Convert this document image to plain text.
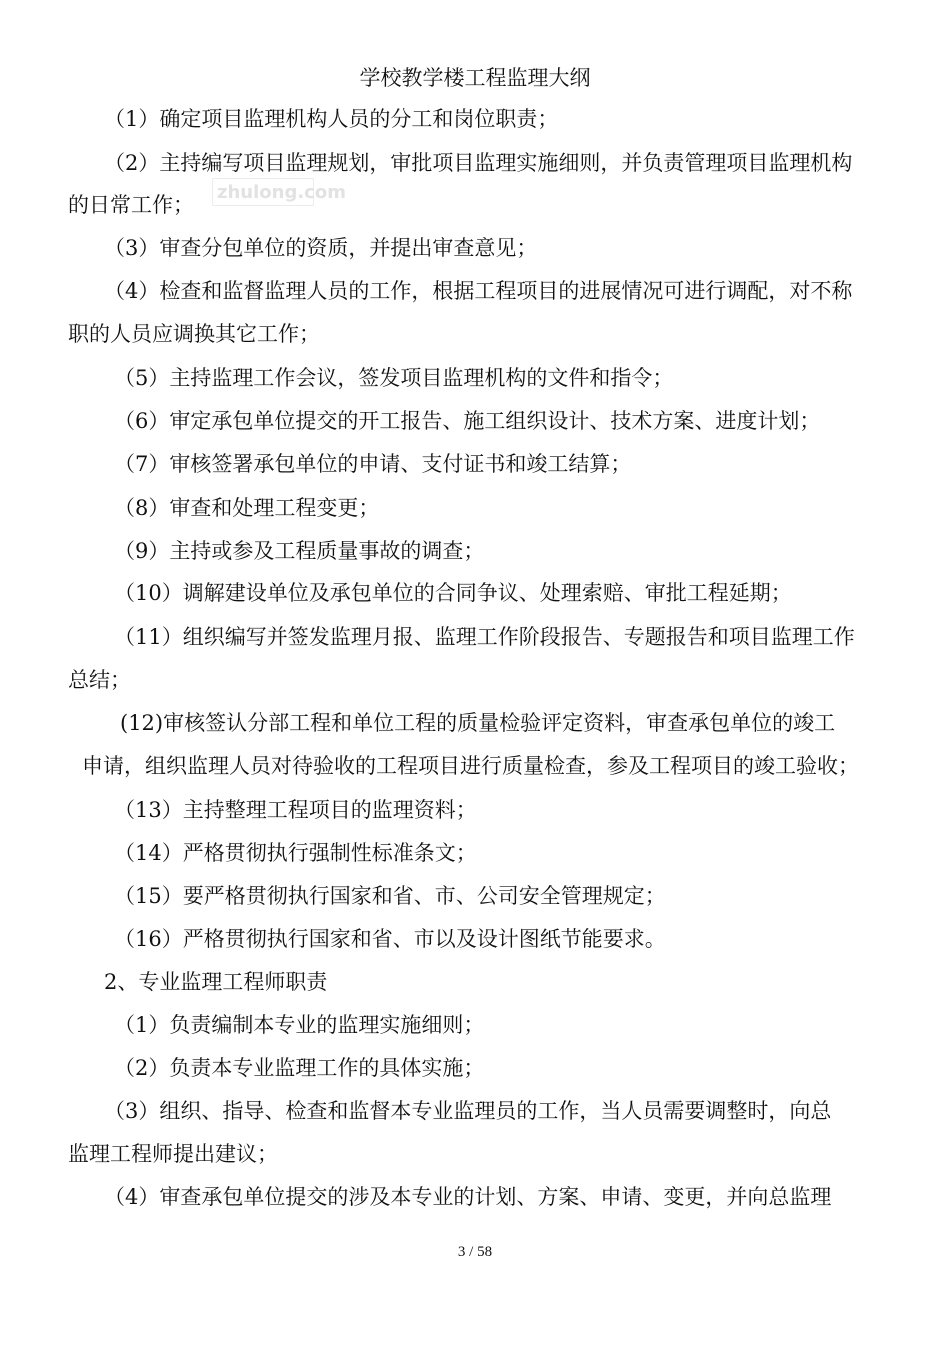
学校教学楼工程监理大纲
zhulong.com
（1）确定项目监理机构人员的分工和岗位职责；
（2）主持编写项目监理规划，审批项目监理实施细则，并负责管理项目监理机构
的日常工作；
（3）审查分包单位的资质，并提出审查意见；
（4）检查和监督监理人员的工作，根据工程项目的进展情况可进行调配，对不称
职的人员应调换其它工作；
（5）主持监理工作会议，签发项目监理机构的文件和指令；
（6）审定承包单位提交的开工报告、施工组织设计、技术方案、进度计划；
（7）审核签署承包单位的申请、支付证书和竣工结算；
（8）审查和处理工程变更；
（9）主持或参及工程质量事故的调查；
（10）调解建设单位及承包单位的合同争议、处理索赔、审批工程延期；
（11）组织编写并签发监理月报、监理工作阶段报告、专题报告和项目监理工作
总结；
(12)审核签认分部工程和单位工程的质量检验评定资料，审查承包单位的竣工
申请，组织监理人员对待验收的工程项目进行质量检查，参及工程项目的竣工验收；
（13）主持整理工程项目的监理资料；
（14）严格贯彻执行强制性标准条文；
（15）要严格贯彻执行国家和省、市、公司安全管理规定；
（16）严格贯彻执行国家和省、市以及设计图纸节能要求。
2、专业监理工程师职责
（1）负责编制本专业的监理实施细则；
（2）负责本专业监理工作的具体实施；
（3）组织、指导、检查和监督本专业监理员的工作，当人员需要调整时，向总
监理工程师提出建议；
（4）审查承包单位提交的涉及本专业的计划、方案、申请、变更，并向总监理
3 / 58
